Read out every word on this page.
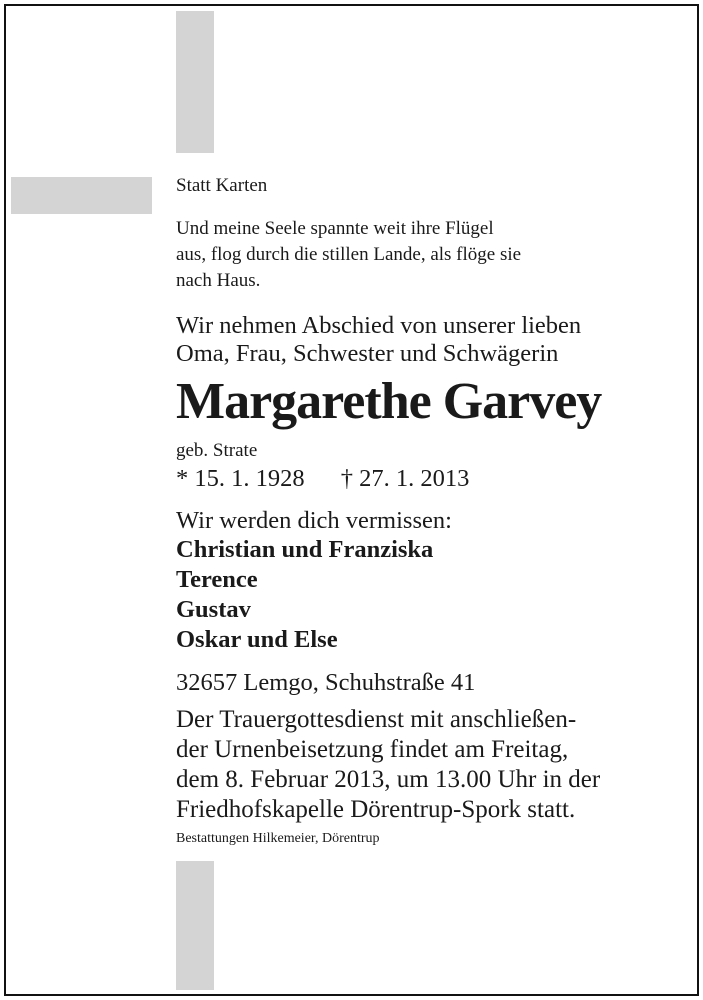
Statt Karten
Und meine Seele spannte weit ihre Flügel
aus, flog durch die stillen Lande, als flöge sie
nach Haus.
Wir nehmen Abschied von unserer lieben
Oma, Frau, Schwester und Schwägerin
Margarethe Garvey
geb. Strate
* 15. 1. 1928 † 27. 1. 2013
Wir werden dich vermissen:
Christian und Franziska
Terence
Gustav
Oskar und Else
32657 Lemgo, Schuhstraße 41
Der Trauergottesdienst mit anschließen-
der Urnenbeisetzung findet am Freitag,
dem 8. Februar 2013, um 13.00 Uhr in der
Friedhofskapelle Dörentrup-Spork statt.
Bestattungen Hilkemeier, Dörentrup
